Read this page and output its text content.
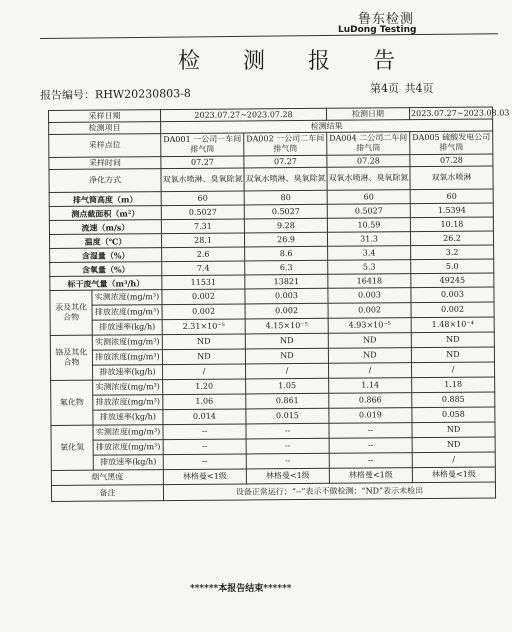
鲁东检测
LuDong Testing
检 测 报 告
报告编号：RHW20230803-8	第4页 共4页
采样日期		2023.07.27~2023.07.28		检测日期	2023.07.27~2023.08.03
检测项目		检测结果			
采样点位		DA001 一公司一车间排气筒	DA002 一公司二车间排气筒	DA004 二公司二车间排气筒	DA005 硫酸发电公司排气筒
采样时间		07.27	07.27	07.28	07.28
净化方式		双氧水喷淋、臭氧除氮	双氧水喷淋、臭氧除氮	双氧水喷淋、臭氧除氮	双氧水喷淋
排气筒高度（m）		60	80	60	60
测点截面积（m²）		0.5027	0.5027	0.5027	1.5394
流速（m/s）		7.31	9.28	10.59	10.18
温度（℃）		28.1	26.9	31.3	26.2
含湿量（%）		2.6	8.6	3.4	3.2
含氧量（%）		7.4	6.3	5.3	5.0
标干废气量（m³/h）		11531	13821	16418	49245
汞及其化合物	实测浓度(mg/m³)	0.002	0.003	0.003	0.003
	排放浓度(mg/m³)	0.002	0.002	0.002	0.002
	排放速率(kg/h)	2.31×10⁻⁵	4.15×10⁻⁵	4.93×10⁻⁵	1.48×10⁻⁴
铬及其化合物	实测浓度(mg/m³)	ND	ND	ND	ND
	排放浓度(mg/m³)	ND	ND	ND	ND
	排放速率(kg/h)	/	/	/	/
氟化物	实测浓度(mg/m³)	1.20	1.05	1.14	1.18
	排放浓度(mg/m³)	1.06	0.861	0.866	0.885
	排放速率(kg/h)	0.014	0.015	0.019	0.058
氯化氢	实测浓度(mg/m³)	--	--	--	ND
	排放浓度(mg/m³)	--	--	--	ND
	排放速率(kg/h)	--	--	--	/
烟气黑度		林格曼<1级	林格曼<1级	林格曼<1级	林格曼<1级
备注		设备正常运行；“--”表示不做检测；“ND”表示未检出			
******本报告结束******
